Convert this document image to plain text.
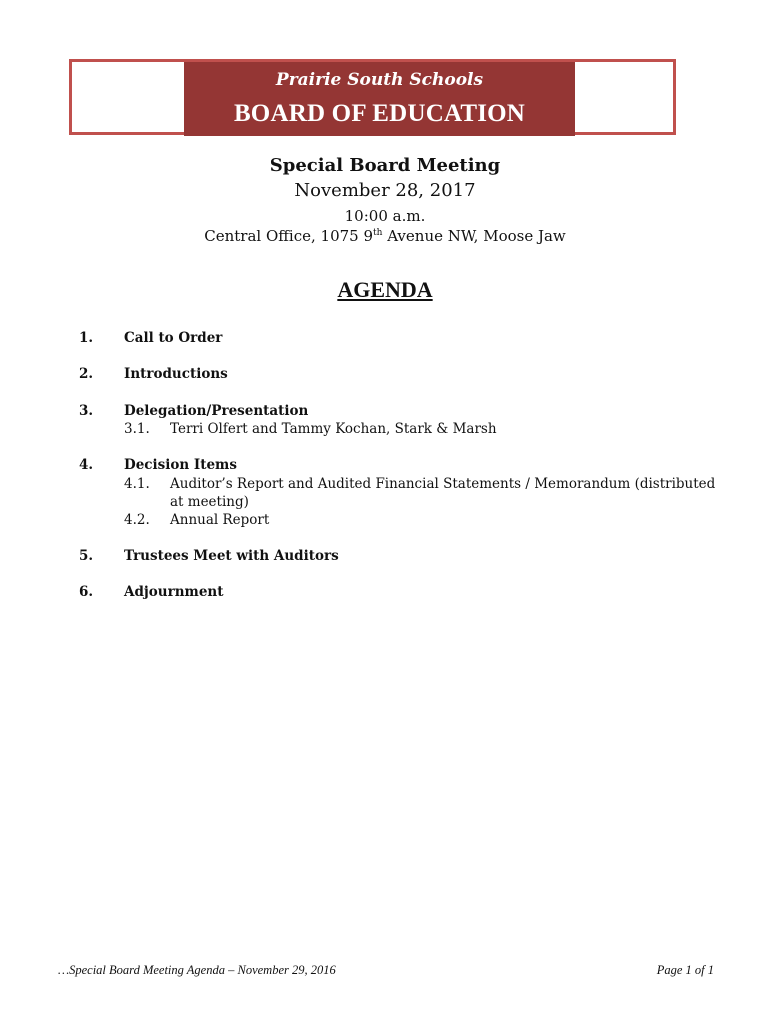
Prairie South Schools
BOARD OF EDUCATION
Special Board Meeting
November 28, 2017
10:00 a.m.
Central Office, 1075 9th Avenue NW, Moose Jaw
AGENDA
1. Call to Order
2. Introductions
3. Delegation/Presentation
3.1. Terri Olfert and Tammy Kochan, Stark & Marsh
4. Decision Items
4.1. Auditor’s Report and Audited Financial Statements / Memorandum (distributed at meeting)
4.2. Annual Report
5. Trustees Meet with Auditors
6. Adjournment
…Special Board Meeting Agenda – November 29, 2016	Page 1 of 1
